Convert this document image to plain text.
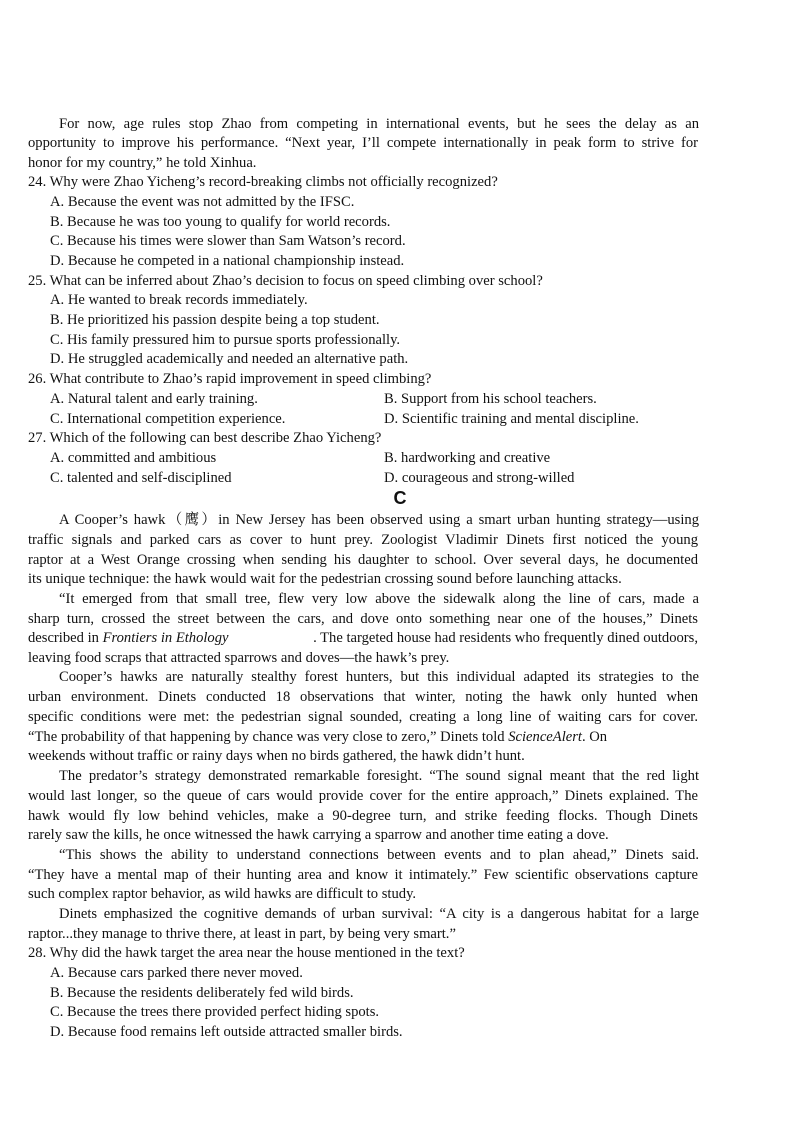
For now, age rules stop Zhao from competing in international events, but he sees the delay as an
opportunity to improve his performance. “Next year, I’ll compete internationally in peak form to strive for
honor for my country,” he told Xinhua.
24. Why were Zhao Yicheng’s record-breaking climbs not officially recognized?
A. Because the event was not admitted by the IFSC.
B. Because he was too young to qualify for world records.
C. Because his times were slower than Sam Watson’s record.
D. Because he competed in a national championship instead.
25. What can be inferred about Zhao’s decision to focus on speed climbing over school?
A. He wanted to break records immediately.
B. He prioritized his passion despite being a top student.
C. His family pressured him to pursue sports professionally.
D. He struggled academically and needed an alternative path.
26. What contribute to Zhao’s rapid improvement in speed climbing?
A. Natural talent and early training.	B. Support from his school teachers.
C. International competition experience.	D. Scientific training and mental discipline.
27. Which of the following can best describe Zhao Yicheng?
A. committed and ambitious	B. hardworking and creative
C. talented and self-disciplined	D. courageous and strong-willed
C
A Cooper’s hawk（鹰）in New Jersey has been observed using a smart urban hunting strategy—using
traffic signals and parked cars as cover to hunt prey. Zoologist Vladimir Dinets first noticed the young
raptor at a West Orange crossing when sending his daughter to school. Over several days, he documented
its unique technique: the hawk would wait for the pedestrian crossing sound before launching attacks.
“It emerged from that small tree, flew very low above the sidewalk along the line of cars, made a
sharp turn, crossed the street between the cars, and dove onto something near one of the houses,” Dinets
described in Frontiers in Ethology	. The targeted house had residents who frequently dined outdoors,
leaving food scraps that attracted sparrows and doves—the hawk’s prey.
Cooper’s hawks are naturally stealthy forest hunters, but this individual adapted its strategies to the
urban environment. Dinets conducted 18 observations that winter, noting the hawk only hunted when
specific conditions were met: the pedestrian signal sounded, creating a long line of waiting cars for cover.
“The probability of that happening by chance was very close to zero,” Dinets told ScienceAlert. On
weekends without traffic or rainy days when no birds gathered, the hawk didn’t hunt.
The predator’s strategy demonstrated remarkable foresight. “The sound signal meant that the red light
would last longer, so the queue of cars would provide cover for the entire approach,” Dinets explained. The
hawk would fly low behind vehicles, make a 90-degree turn, and strike feeding flocks. Though Dinets
rarely saw the kills, he once witnessed the hawk carrying a sparrow and another time eating a dove.
“This shows the ability to understand connections between events and to plan ahead,” Dinets said.
“They have a mental map of their hunting area and know it intimately.” Few scientific observations capture
such complex raptor behavior, as wild hawks are difficult to study.
Dinets emphasized the cognitive demands of urban survival: “A city is a dangerous habitat for a large
raptor...they manage to thrive there, at least in part, by being very smart.”
28. Why did the hawk target the area near the house mentioned in the text?
A. Because cars parked there never moved.
B. Because the residents deliberately fed wild birds.
C. Because the trees there provided perfect hiding spots.
D. Because food remains left outside attracted smaller birds.
